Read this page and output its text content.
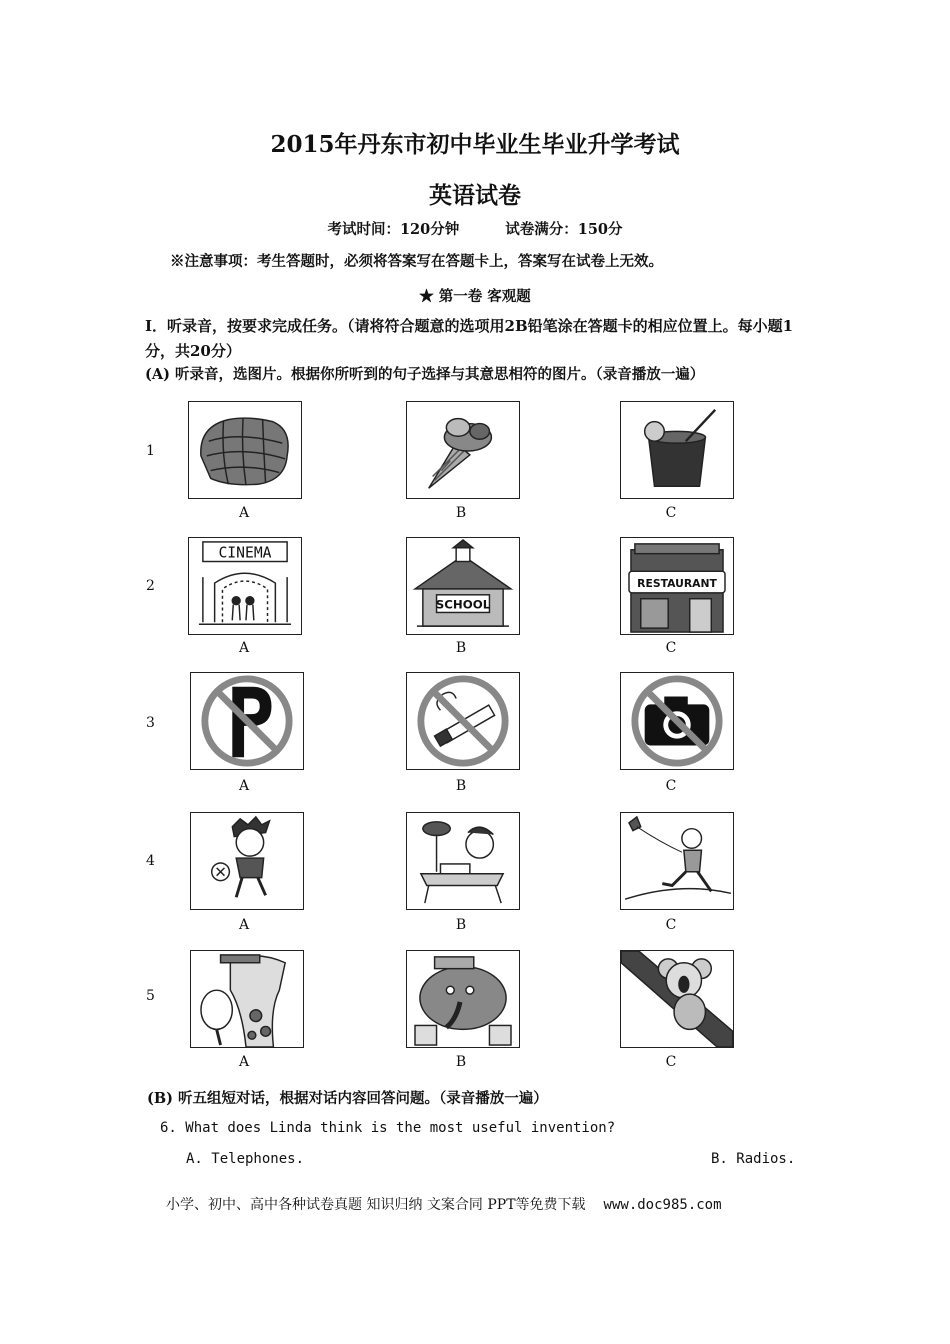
2015年丹东市初中毕业生毕业升学考试
英语试卷
考试时间：120分钟	试卷满分：150分
※注意事项：考生答题时，必须将答案写在答题卡上，答案写在试卷上无效。
★ 第一卷 客观题
Ⅰ．听录音，按要求完成任务。（请将符合题意的选项用2B铅笔涂在答题卡的相应位置上。每小题1分，共20分）
(A) 听录音，选图片。根据你所听到的句子选择与其意思相符的图片。（录音播放一遍）
1
A	B	C
2
CINEMA
A
SCHOOL
B
RESTAURANT
C
3
A	B	C
4
A	B	C
5
A	B	C
(B) 听五组短对话，根据对话内容回答问题。（录音播放一遍）
6. What does Linda think is the most useful invention?
A. Telephones.	B. Radios.
小学、初中、高中各种试卷真题 知识归纳 文案合同 PPT等免费下载 www.doc985.com
